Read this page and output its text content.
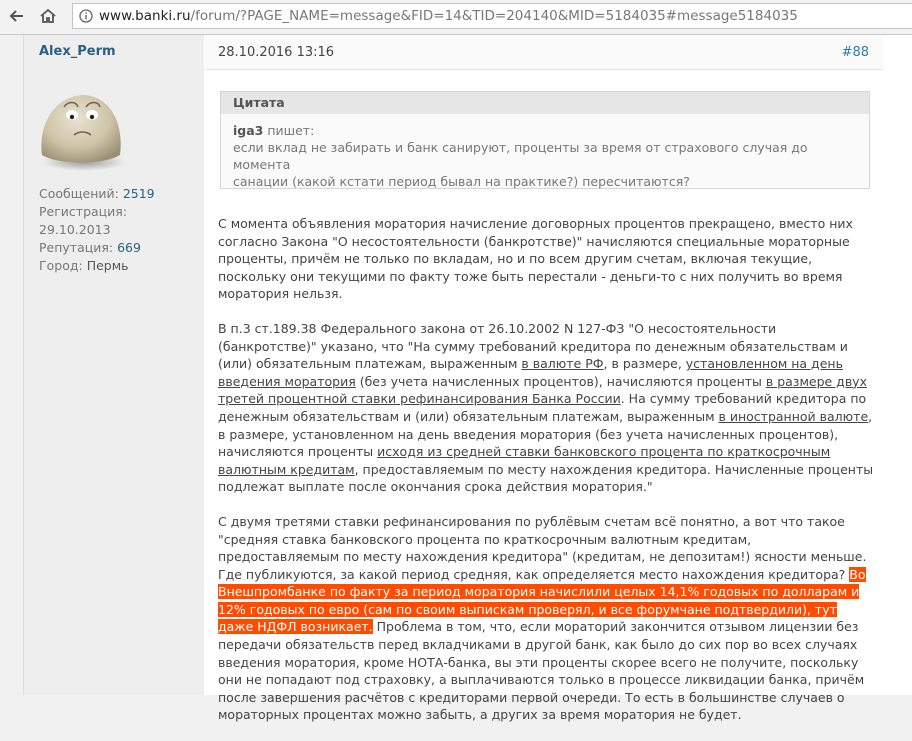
www.banki.ru /forum/?PAGE_NAME=message&FID=14&TID=204140&MID=5184035#message5184035
Alex_Perm
Сообщений: 2519
Регистрация:
29.10.2013
Репутация: 669
Город: Пермь
28.10.2016 13:16	#88
Цитата
iga3 пишет:
если вклад не забирать и банк санируют, проценты за время от страхового случая до момента
санации (какой кстати период бывал на практике?) пересчитаются?

С момента объявления моратория начисление договорных процентов прекращено, вместо них согласно Закона "О несостоятельности (банкротстве)" начисляются специальные мораторные проценты, причём не только по вкладам, но и по всем другим счетам, включая текущие, поскольку они текущими по факту тоже быть перестали - деньги-то с них получить во время моратория нельзя.

В п.3 ст.189.38 Федерального закона от 26.10.2002 N 127-ФЗ "О несостоятельности (банкротстве)" указано, что "На сумму требований кредитора по денежным обязательствам и (или) обязательным платежам, выраженным в валюте РФ, в размере, установленном на день введения моратория (без учета начисленных процентов), начисляются проценты в размере двух третей процентной ставки рефинансирования Банка России. На сумму требований кредитора по денежным обязательствам и (или) обязательным платежам, выраженным в иностранной валюте, в размере, установленном на день введения моратория (без учета начисленных процентов), начисляются проценты исходя из средней ставки банковского процента по краткосрочным валютным кредитам, предоставляемым по месту нахождения кредитора. Начисленные проценты подлежат выплате после окончания срока действия моратория."

С двумя третями ставки рефинансирования по рублёвым счетам всё понятно, а вот что такое "средняя ставка банковского процента по краткосрочным валютным кредитам, предоставляемым по месту нахождения кредитора" (кредитам, не депозитам!) ясности меньше. Где публикуются, за какой период средняя, как определяется место нахождения кредитора? Во Внешпромбанке по факту за период моратория начислили целых 14,1% годовых по долларам и 12% годовых по евро (сам по своим выпискам проверял, и все форумчане подтвердили), тут даже НДФЛ возникает. Проблема в том, что, если мораторий закончится отзывом лицензии без передачи обязательств перед вкладчиками в другой банк, как было до сих пор во всех случаях введения моратория, кроме НОТА-банка, вы эти проценты скорее всего не получите, поскольку они не попадают под страховку, а выплачиваются только в процессе ликвидации банка, причём после завершения расчётов с кредиторами первой очереди. То есть в большинстве случаев о мораторных процентах можно забыть, а других за время моратория не будет.
